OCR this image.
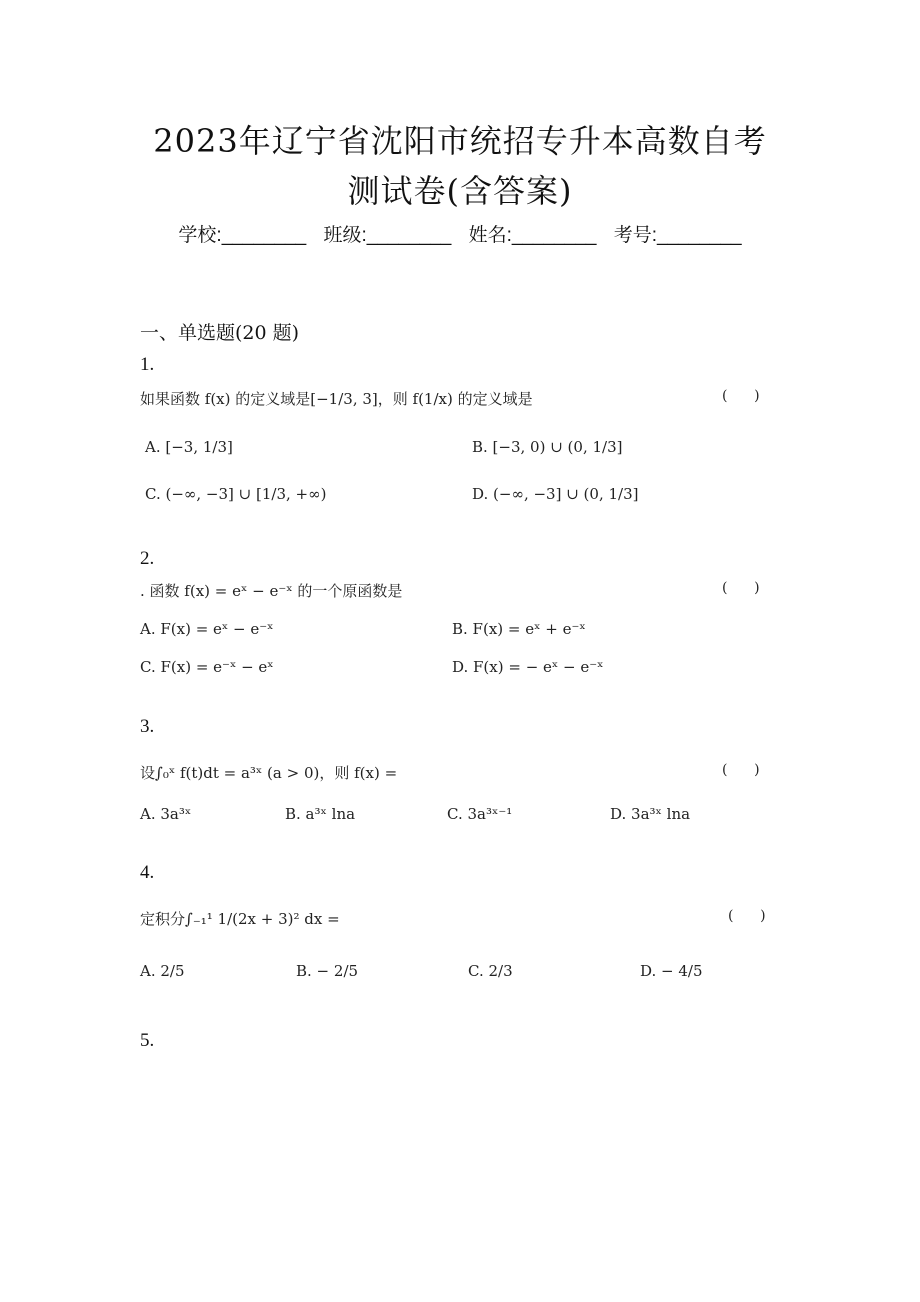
2023年辽宁省沈阳市统招专升本高数自考
测试卷(含答案)
学校:________ 班级:________ 姓名:________ 考号:________
一、单选题(20 题)
1.
如果函数 f(x) 的定义域是[−1/3, 3]，则 f(1/x) 的定义域是	(      )
A. [−3, 1/3]	B. [−3, 0) ∪ (0, 1/3]
C. (−∞, −3] ∪ [1/3, +∞)	D. (−∞, −3] ∪ (0, 1/3]
2.
. 函数 f(x) = eˣ − e⁻ˣ 的一个原函数是	(      )
A. F(x) = eˣ − e⁻ˣ	B. F(x) = eˣ + e⁻ˣ
C. F(x) = e⁻ˣ − eˣ	D. F(x) = − eˣ − e⁻ˣ
3.
设∫₀ˣ f(t)dt = a³ˣ (a > 0)，则 f(x) =	(      )
A. 3a³ˣ	B. a³ˣ lna	C. 3a³ˣ⁻¹	D. 3a³ˣ lna
4.
定积分∫₋₁¹ 1/(2x + 3)² dx =	(      )
A. 2/5	B. − 2/5	C. 2/3	D. − 4/5
5.
